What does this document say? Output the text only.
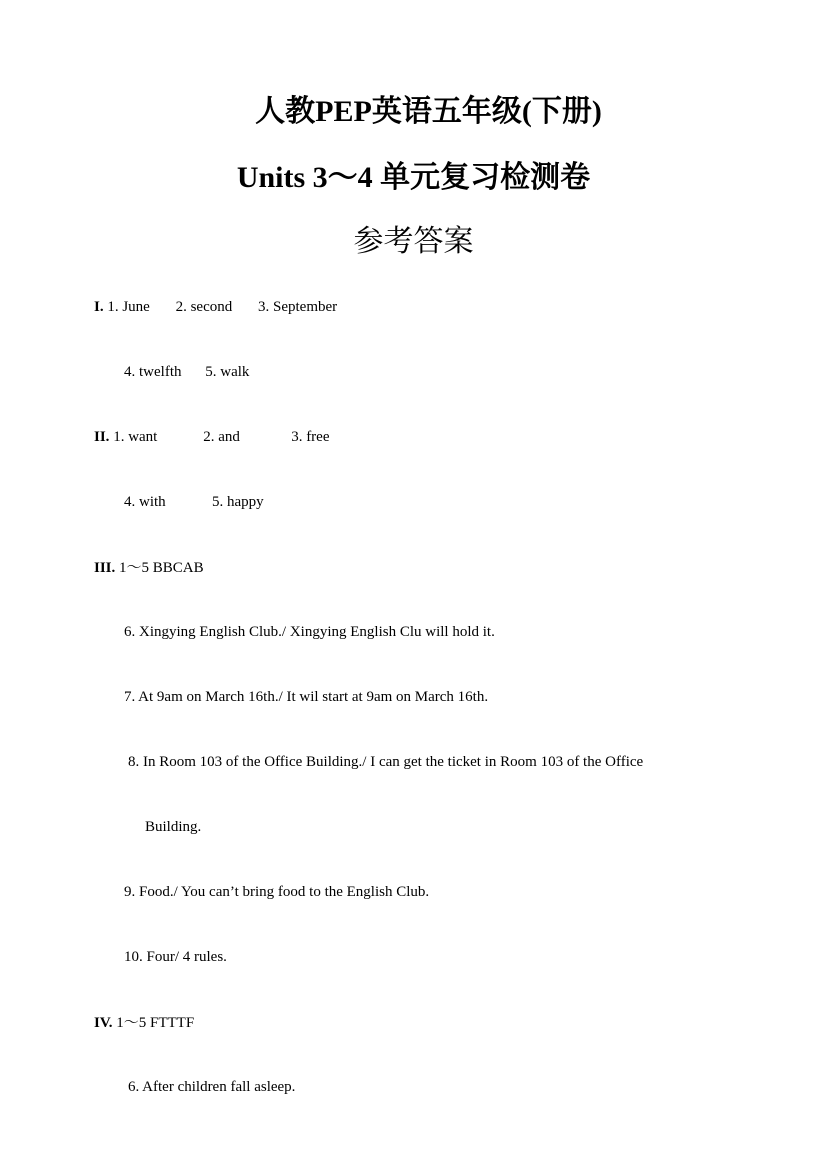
人教PEP英语五年级(下册)
Units 3～4 单元复习检测卷
参考答案
I. 1. June 2. second 3. September
4. twelfth 5. walk
II. 1. want	2. and	3. free
4. with	5. happy
III. 1～5 BBCAB
6. Xingying English Club./ Xingying English Clu will hold it.
7. At 9am on March 16th./ It wil start at 9am on March 16th.
8. In Room 103 of the Office Building./ I can get the ticket in Room 103 of the Office
Building.
9. Food./ You can’t bring food to the English Club.
10. Four/ 4 rules.
IV. 1～5 FTTTF
6. After children fall asleep.
